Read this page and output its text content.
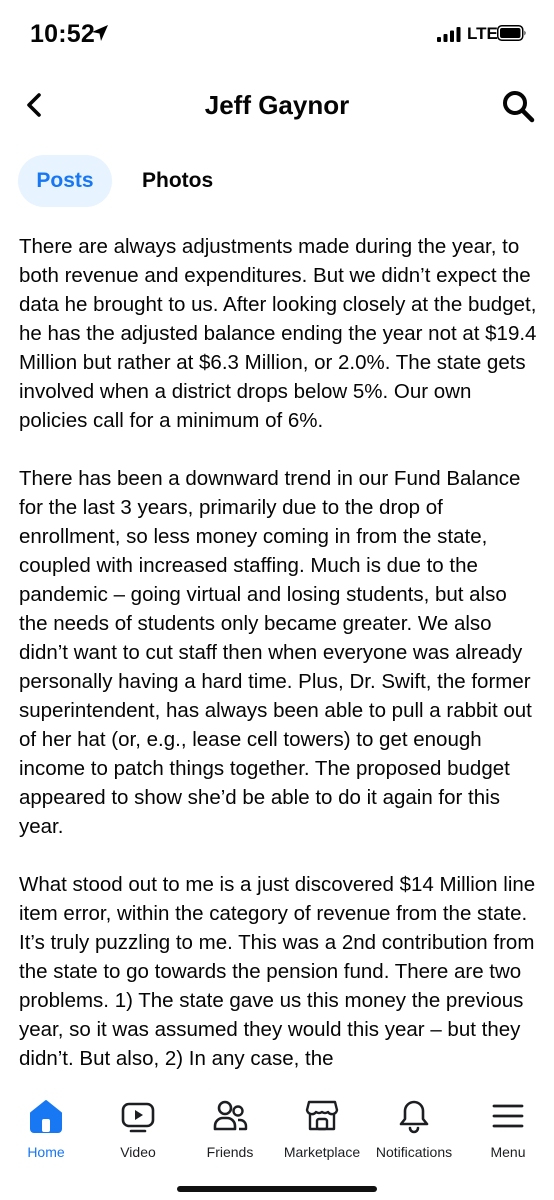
10:52	LTE
Jeff Gaynor
Posts	Photos

There are always adjustments made during the year, to both revenue and expenditures. But we didn’t expect the data he brought to us. After looking closely at the budget, he has the adjusted balance ending the year not at $19.4 Million but rather at $6.3 Million, or 2.0%. The state gets involved when a district drops below 5%. Our own policies call for a minimum of 6%.

There has been a downward trend in our Fund Balance for the last 3 years, primarily due to the drop of enrollment, so less money coming in from the state, coupled with increased staffing. Much is due to the pandemic – going virtual and losing students, but also the needs of students only became greater. We also didn’t want to cut staff then when everyone was already personally having a hard time. Plus, Dr. Swift, the former superintendent, has always been able to pull a rabbit out of her hat (or, e.g., lease cell towers) to get enough income to patch things together. The proposed budget appeared to show she’d be able to do it again for this year.

What stood out to me is a just discovered $14 Million line item error, within the category of revenue from the state. It’s truly puzzling to me. This was a 2nd contribution from the state to go towards the pension fund. There are two problems. 1) The state gave us this money the previous year, so it was assumed they would this year – but they didn’t. But also, 2) In any case, the

Home	Video	Friends	Marketplace	Notifications	Menu
